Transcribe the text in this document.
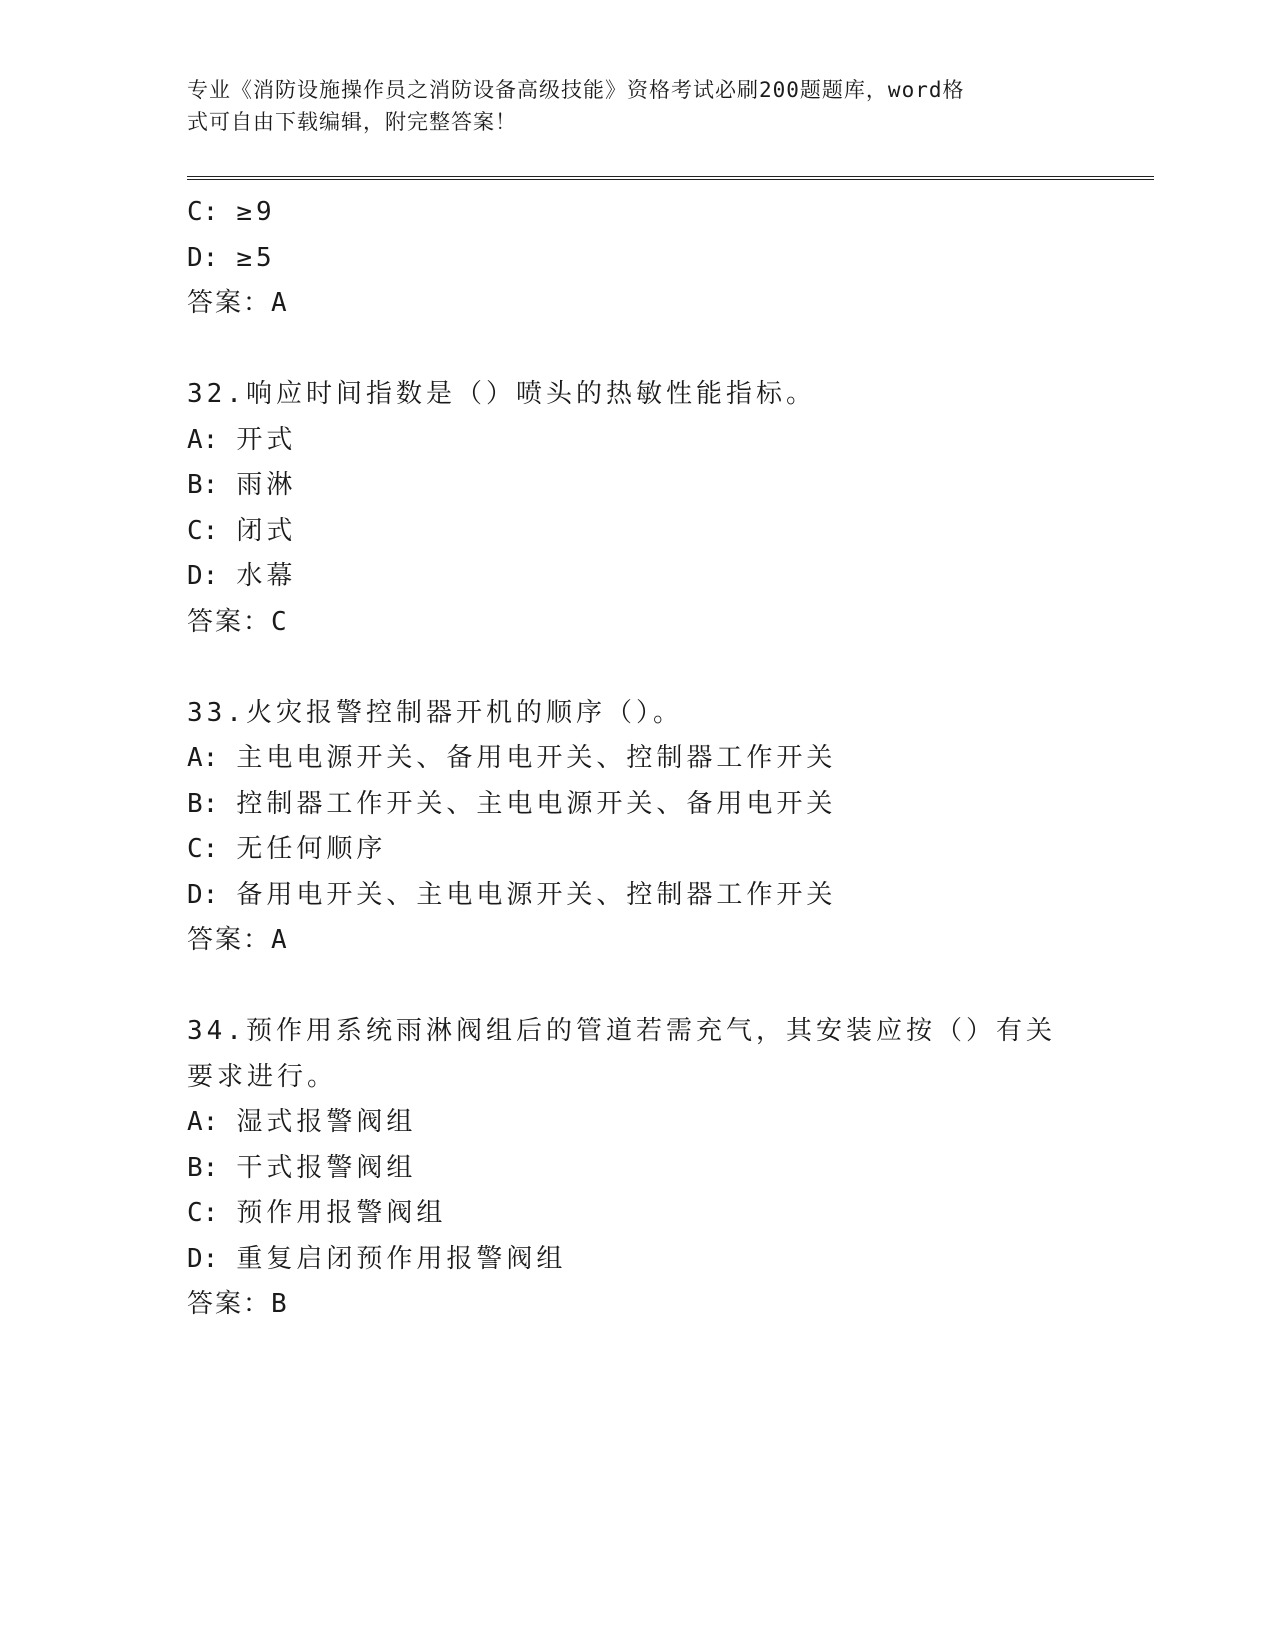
专业《消防设施操作员之消防设备高级技能》资格考试必刷200题题库，word格
式可自由下载编辑，附完整答案！
C: ≥9
D: ≥5
答案：A
32.响应时间指数是（）喷头的热敏性能指标。
A: 开式
B: 雨淋
C: 闭式
D: 水幕
答案：C
33.火灾报警控制器开机的顺序（）。
A: 主电电源开关、备用电开关、控制器工作开关
B: 控制器工作开关、主电电源开关、备用电开关
C: 无任何顺序
D: 备用电开关、主电电源开关、控制器工作开关
答案：A
34.预作用系统雨淋阀组后的管道若需充气，其安装应按（）有关要求进行。
A: 湿式报警阀组
B: 干式报警阀组
C: 预作用报警阀组
D: 重复启闭预作用报警阀组
答案：B
